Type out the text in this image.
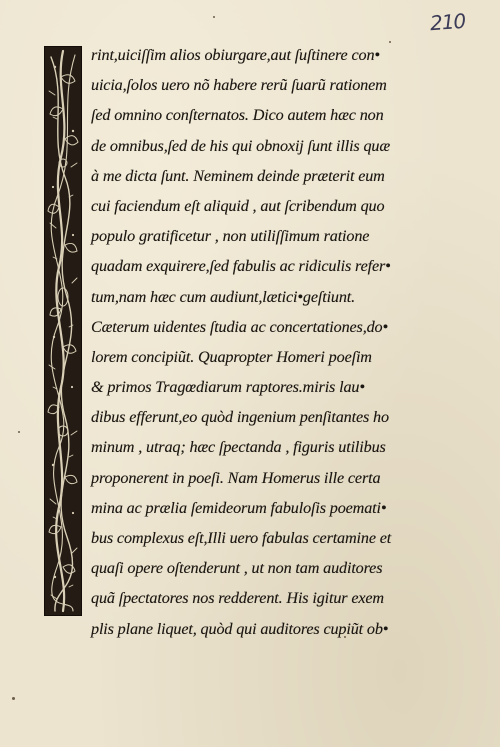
210
rint,uiciſſim alios obiurgare,aut ſuſtinere con•
uicia,ſolos uero nõ habere rerũ ſuarũ rationem
ſed omnino conſternatos. Dico autem hæc non
de omnibus,ſed de his qui obnoxij ſunt illis quæ
à me dicta ſunt. Neminem deinde præterit eum
cui faciendum eſt aliquid , aut ſcribendum quo
populo gratificetur , non utiliſſimum ratione
quadam exquirere,ſed fabulis ac ridiculis refer•
tum,nam hæc cum audiunt,lætici•geſtiunt.
Cæterum uidentes ſtudia ac concertationes,do•
lorem concipiũt. Quapropter Homeri poeſim
& primos Tragœdiarum raptores.miris lau•
dibus efferunt,eo quòd ingenium penſitantes ho
minum , utraq; hæc ſpectanda , figuris utilibus
proponerent in poeſi. Nam Homerus ille certa
mina ac prælia ſemideorum fabuloſis poemati•
bus complexus eſt,Illi uero fabulas certamine et
quaſi opere oſtenderunt , ut non tam auditores
quã ſpectatores nos redderent. His igitur exem
plis plane liquet, quòd qui auditores cupiũt ob•
